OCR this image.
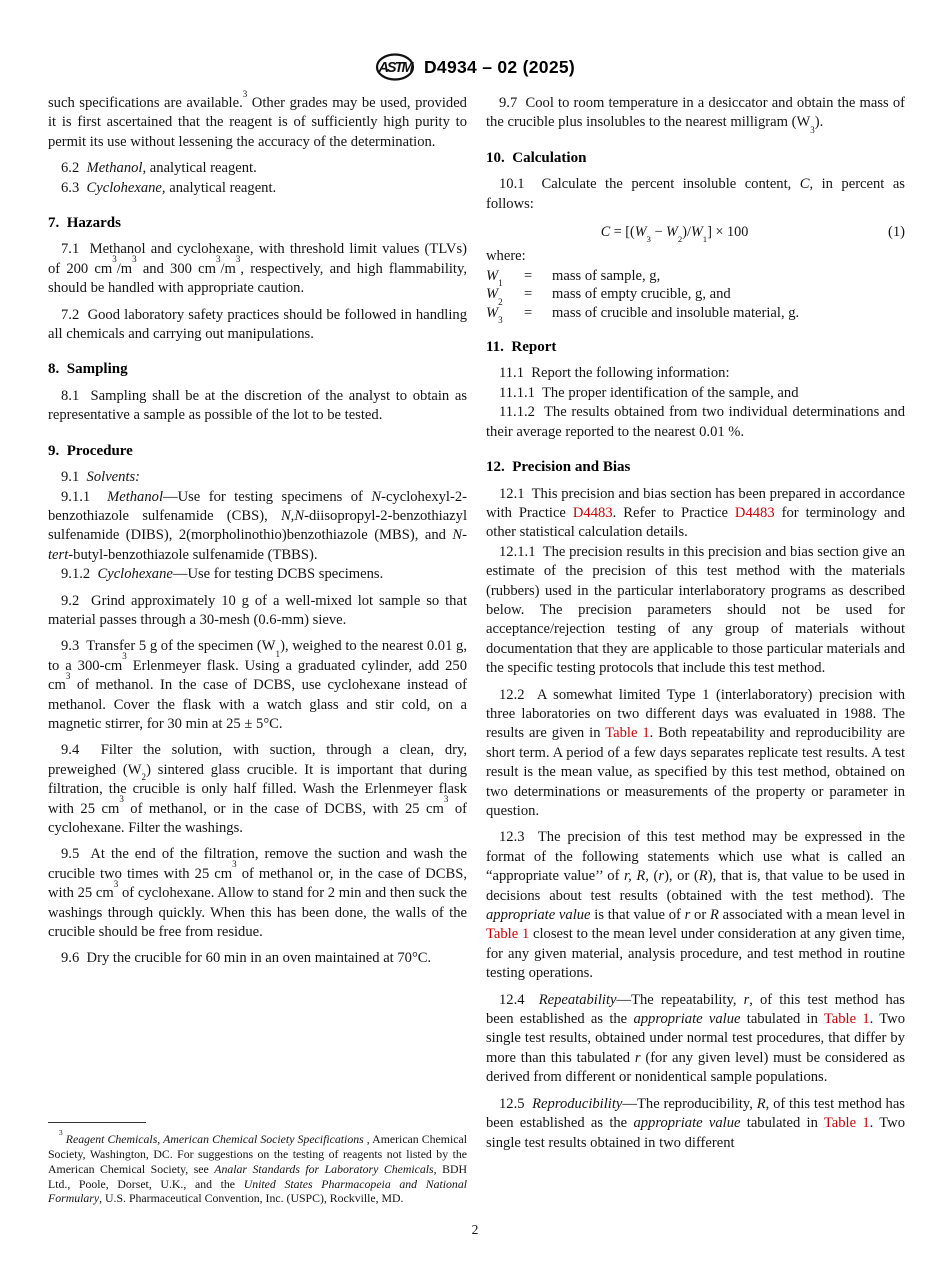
ASTM D4934 – 02 (2025)

such specifications are available.$^3$ Other grades may be used, provided it is first ascertained that the reagent is of sufficiently high purity to permit its use without lessening the accuracy of the determination.

6.2  Methanol, analytical reagent.

6.3  Cyclohexane, analytical reagent.

7.  Hazards

7.1  Methanol and cyclohexane, with threshold limit values (TLVs) of 200 $cm^3/m^3$ and 300 $cm^3/m^3$, respectively, and high flammability, should be handled with appropriate caution.

7.2  Good laboratory safety practices should be followed in handling all chemicals and carrying out manipulations.

8.  Sampling

8.1  Sampling shall be at the discretion of the analyst to obtain as representative a sample as possible of the lot to be tested.

9.  Procedure

9.1  Solvents:

9.1.1  Methanol—Use for testing specimens of N-cyclohexyl-2-benzothiazole sulfenamide (CBS), N,N-diisopropyl-2-benzothiazyl sulfenamide (DIBS), 2(morpholinothio)benzothiazole (MBS), and N-tert-butyl-benzothiazole sulfenamide (TBBS).

9.1.2  Cyclohexane—Use for testing DCBS specimens.

9.2  Grind approximately 10 g of a well-mixed lot sample so that material passes through a 30-mesh (0.6-mm) sieve.

9.3  Transfer 5 g of the specimen $(W_1)$, weighed to the nearest 0.01 g, to a $300-cm^3$ Erlenmeyer flask. Using a graduated cylinder, add 250 $cm^3$ of methanol. In the case of DCBS, use cyclohexane instead of methanol. Cover the flask with a watch glass and stir cold, on a magnetic stirrer, for 30 min at 25 ± 5°C.

9.4  Filter the solution, with suction, through a clean, dry, preweighed $(W_2)$ sintered glass crucible. It is important that during filtration, the crucible is only half filled. Wash the Erlenmeyer flask with 25 $cm^3$ of methanol, or in the case of DCBS, with 25 $cm^3$ of cyclohexane. Filter the washings.

9.5  At the end of the filtration, remove the suction and wash the crucible two times with 25 $cm^3$ of methanol or, in the case of DCBS, with 25 $cm^3$ of cyclohexane. Allow to stand for 2 min and then suck the washings through quickly. When this has been done, the walls of the crucible should be free from residue.

9.6  Dry the crucible for 60 min in an oven maintained at 70°C.

$^3$ Reagent Chemicals, American Chemical Society Specifications , American Chemical Society, Washington, DC. For suggestions on the testing of reagents not listed by the American Chemical Society, see Analar Standards for Laboratory Chemicals, BDH Ltd., Poole, Dorset, U.K., and the United States Pharmacopeia and National Formulary, U.S. Pharmaceutical Convention, Inc. (USPC), Rockville, MD.

9.7  Cool to room temperature in a desiccator and obtain the mass of the crucible plus insolubles to the nearest milligram $(W_3)$.

10.  Calculation

10.1  Calculate the percent insoluble content, C, in percent as follows:

$C = [(W_3 - W_2)/W_1] \times 100$	(1)

where:

$W_1$	=	mass of sample, g,
$W_2$	=	mass of empty crucible, g, and
$W_3$	=	mass of crucible and insoluble material, g.
11.  Report

11.1  Report the following information:

11.1.1  The proper identification of the sample, and

11.1.2  The results obtained from two individual determinations and their average reported to the nearest 0.01 %.

12.  Precision and Bias

12.1  This precision and bias section has been prepared in accordance with Practice D4483. Refer to Practice D4483 for terminology and other statistical calculation details.

12.1.1  The precision results in this precision and bias section give an estimate of the precision of this test method with the materials (rubbers) used in the particular interlaboratory programs as described below. The precision parameters should not be used for acceptance/rejection testing of any group of materials without documentation that they are applicable to those particular materials and the specific testing protocols that include this test method.

12.2  A somewhat limited Type 1 (interlaboratory) precision with three laboratories on two different days was evaluated in 1988. The results are given in Table 1. Both repeatability and reproducibility are short term. A period of a few days separates replicate test results. A test result is the mean value, as specified by this test method, obtained on two determinations or measurements of the property or parameter in question.

12.3  The precision of this test method may be expressed in the format of the following statements which use what is called an “appropriate value’’ of r, R, (r), or (R), that is, that value to be used in decisions about test results (obtained with the test method). The appropriate value is that value of r or R associated with a mean level in Table 1 closest to the mean level under consideration at any given time, for any given material, analysis procedure, and test method in routine testing operations.

12.4  Repeatability—The repeatability, r, of this test method has been established as the appropriate value tabulated in Table 1. Two single test results, obtained under normal test procedures, that differ by more than this tabulated r (for any given level) must be considered as derived from different or nonidentical sample populations.

12.5  Reproducibility—The reproducibility, R, of this test method has been established as the appropriate value tabulated in Table 1. Two single test results obtained in two different

2
